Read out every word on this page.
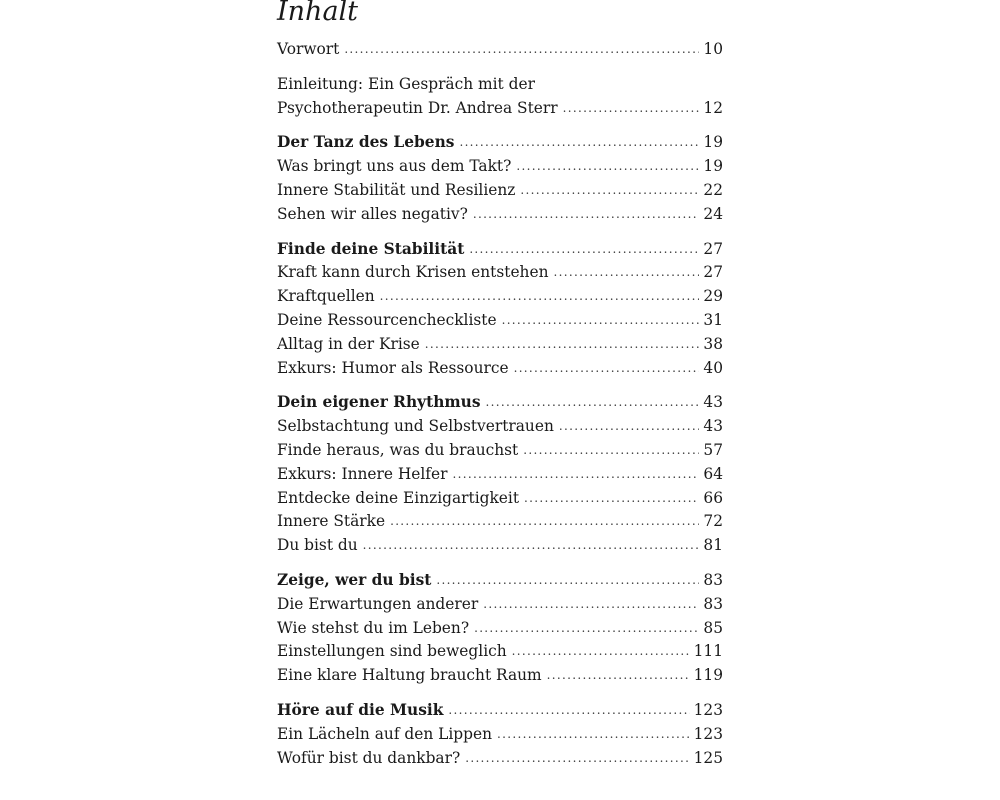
Inhalt
Vorwort .....	10
Einleitung: Ein Gespräch mit der
Psychotherapeutin Dr. Andrea Sterr .....	12
Der Tanz des Lebens .....	19
Was bringt uns aus dem Takt? .....	19
Innere Stabilität und Resilienz .....	22
Sehen wir alles negativ? .....	24
Finde deine Stabilität .....	27
Kraft kann durch Krisen entstehen .....	27
Kraftquellen .....	29
Deine Ressourcencheckliste .....	31
Alltag in der Krise .....	38
Exkurs: Humor als Ressource .....	40
Dein eigener Rhythmus .....	43
Selbstachtung und Selbstvertrauen .....	43
Finde heraus, was du brauchst .....	57
Exkurs: Innere Helfer .....	64
Entdecke deine Einzigartigkeit .....	66
Innere Stärke .....	72
Du bist du .....	81
Zeige, wer du bist .....	83
Die Erwartungen anderer .....	83
Wie stehst du im Leben? .....	85
Einstellungen sind beweglich .....	111
Eine klare Haltung braucht Raum .....	119
Höre auf die Musik .....	123
Ein Lächeln auf den Lippen .....	123
Wofür bist du dankbar? .....	125
